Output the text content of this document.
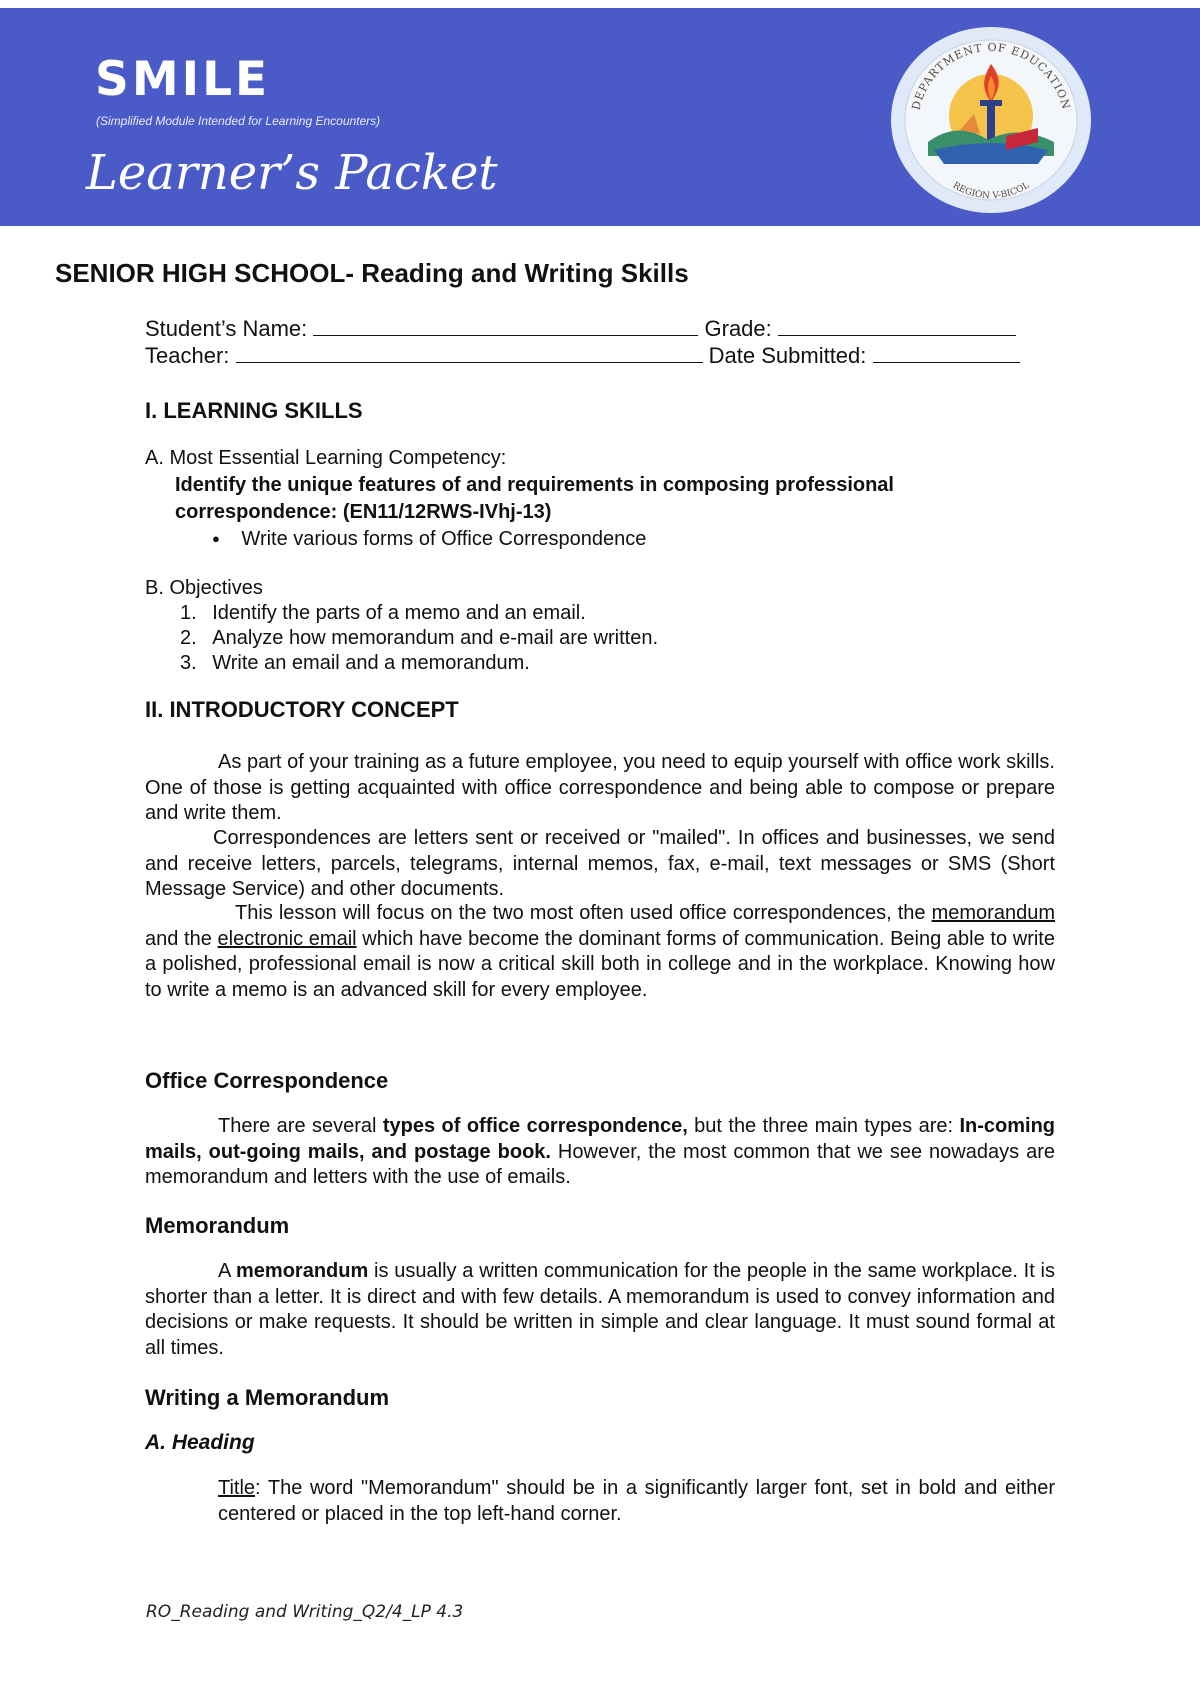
SMILE
(Simplified Module Intended for Learning Encounters)
Learner’s Packet
DEPARTMENT OF EDUCATION
REGION V-BICOL
SENIOR HIGH SCHOOL- Reading and Writing Skills
Student’s Name:	Grade:
Teacher:	Date Submitted:
I. LEARNING SKILLS
A. Most Essential Learning Competency:
Identify the unique features of and requirements in composing professional
correspondence: (EN11/12RWS-IVhj-13)
● Write various forms of Office Correspondence
B. Objectives
1. Identify the parts of a memo and an email.
2. Analyze how memorandum and e-mail are written.
3. Write an email and a memorandum.
II. INTRODUCTORY CONCEPT
As part of your training as a future employee, you need to equip yourself with office work skills. One of those is getting acquainted with office correspondence and being able to compose or prepare and write them.
Correspondences are letters sent or received or "mailed". In offices and businesses, we send and receive letters, parcels, telegrams, internal memos, fax, e-mail, text messages or SMS (Short Message Service) and other documents.
This lesson will focus on the two most often used office correspondences, the memorandum and the electronic email which have become the dominant forms of communication. Being able to write a polished, professional email is now a critical skill both in college and in the workplace. Knowing how to write a memo is an advanced skill for every employee.
Office Correspondence
There are several types of office correspondence, but the three main types are: In-coming mails, out-going mails, and postage book. However, the most common that we see nowadays are memorandum and letters with the use of emails.
Memorandum
A memorandum is usually a written communication for the people in the same workplace. It is shorter than a letter. It is direct and with few details. A memorandum is used to convey information and decisions or make requests. It should be written in simple and clear language. It must sound formal at all times.
Writing a Memorandum
A. Heading
Title: The word "Memorandum" should be in a significantly larger font, set in bold and either centered or placed in the top left-hand corner.
RO_Reading and Writing_Q2/4_LP 4.3
